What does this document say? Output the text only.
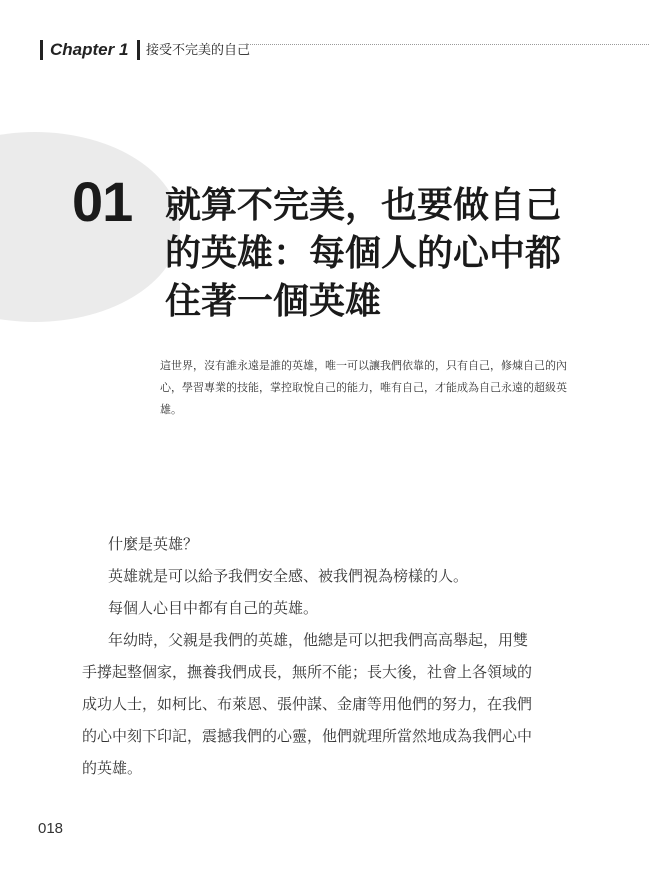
Chapter 1 接受不完美的自己
01 就算不完美，也要做自己的英雄：每個人的心中都住著一個英雄

這世界，沒有誰永遠是誰的英雄，唯一可以讓我們依靠的，只有自己，修煉自己的內心，學習專業的技能，掌控取悅自己的能力，唯有自己，才能成為自己永遠的超級英雄。

什麼是英雄？

英雄就是可以給予我們安全感、被我們視為榜樣的人。

每個人心目中都有自己的英雄。

年幼時，父親是我們的英雄，他總是可以把我們高高舉起，用雙手撐起整個家，撫養我們成長，無所不能；長大後，社會上各領域的成功人士，如柯比、布萊恩、張仲謀、金庸等用他們的努力，在我們的心中刻下印記，震撼我們的心靈，他們就理所當然地成為我們心中的英雄。

018
